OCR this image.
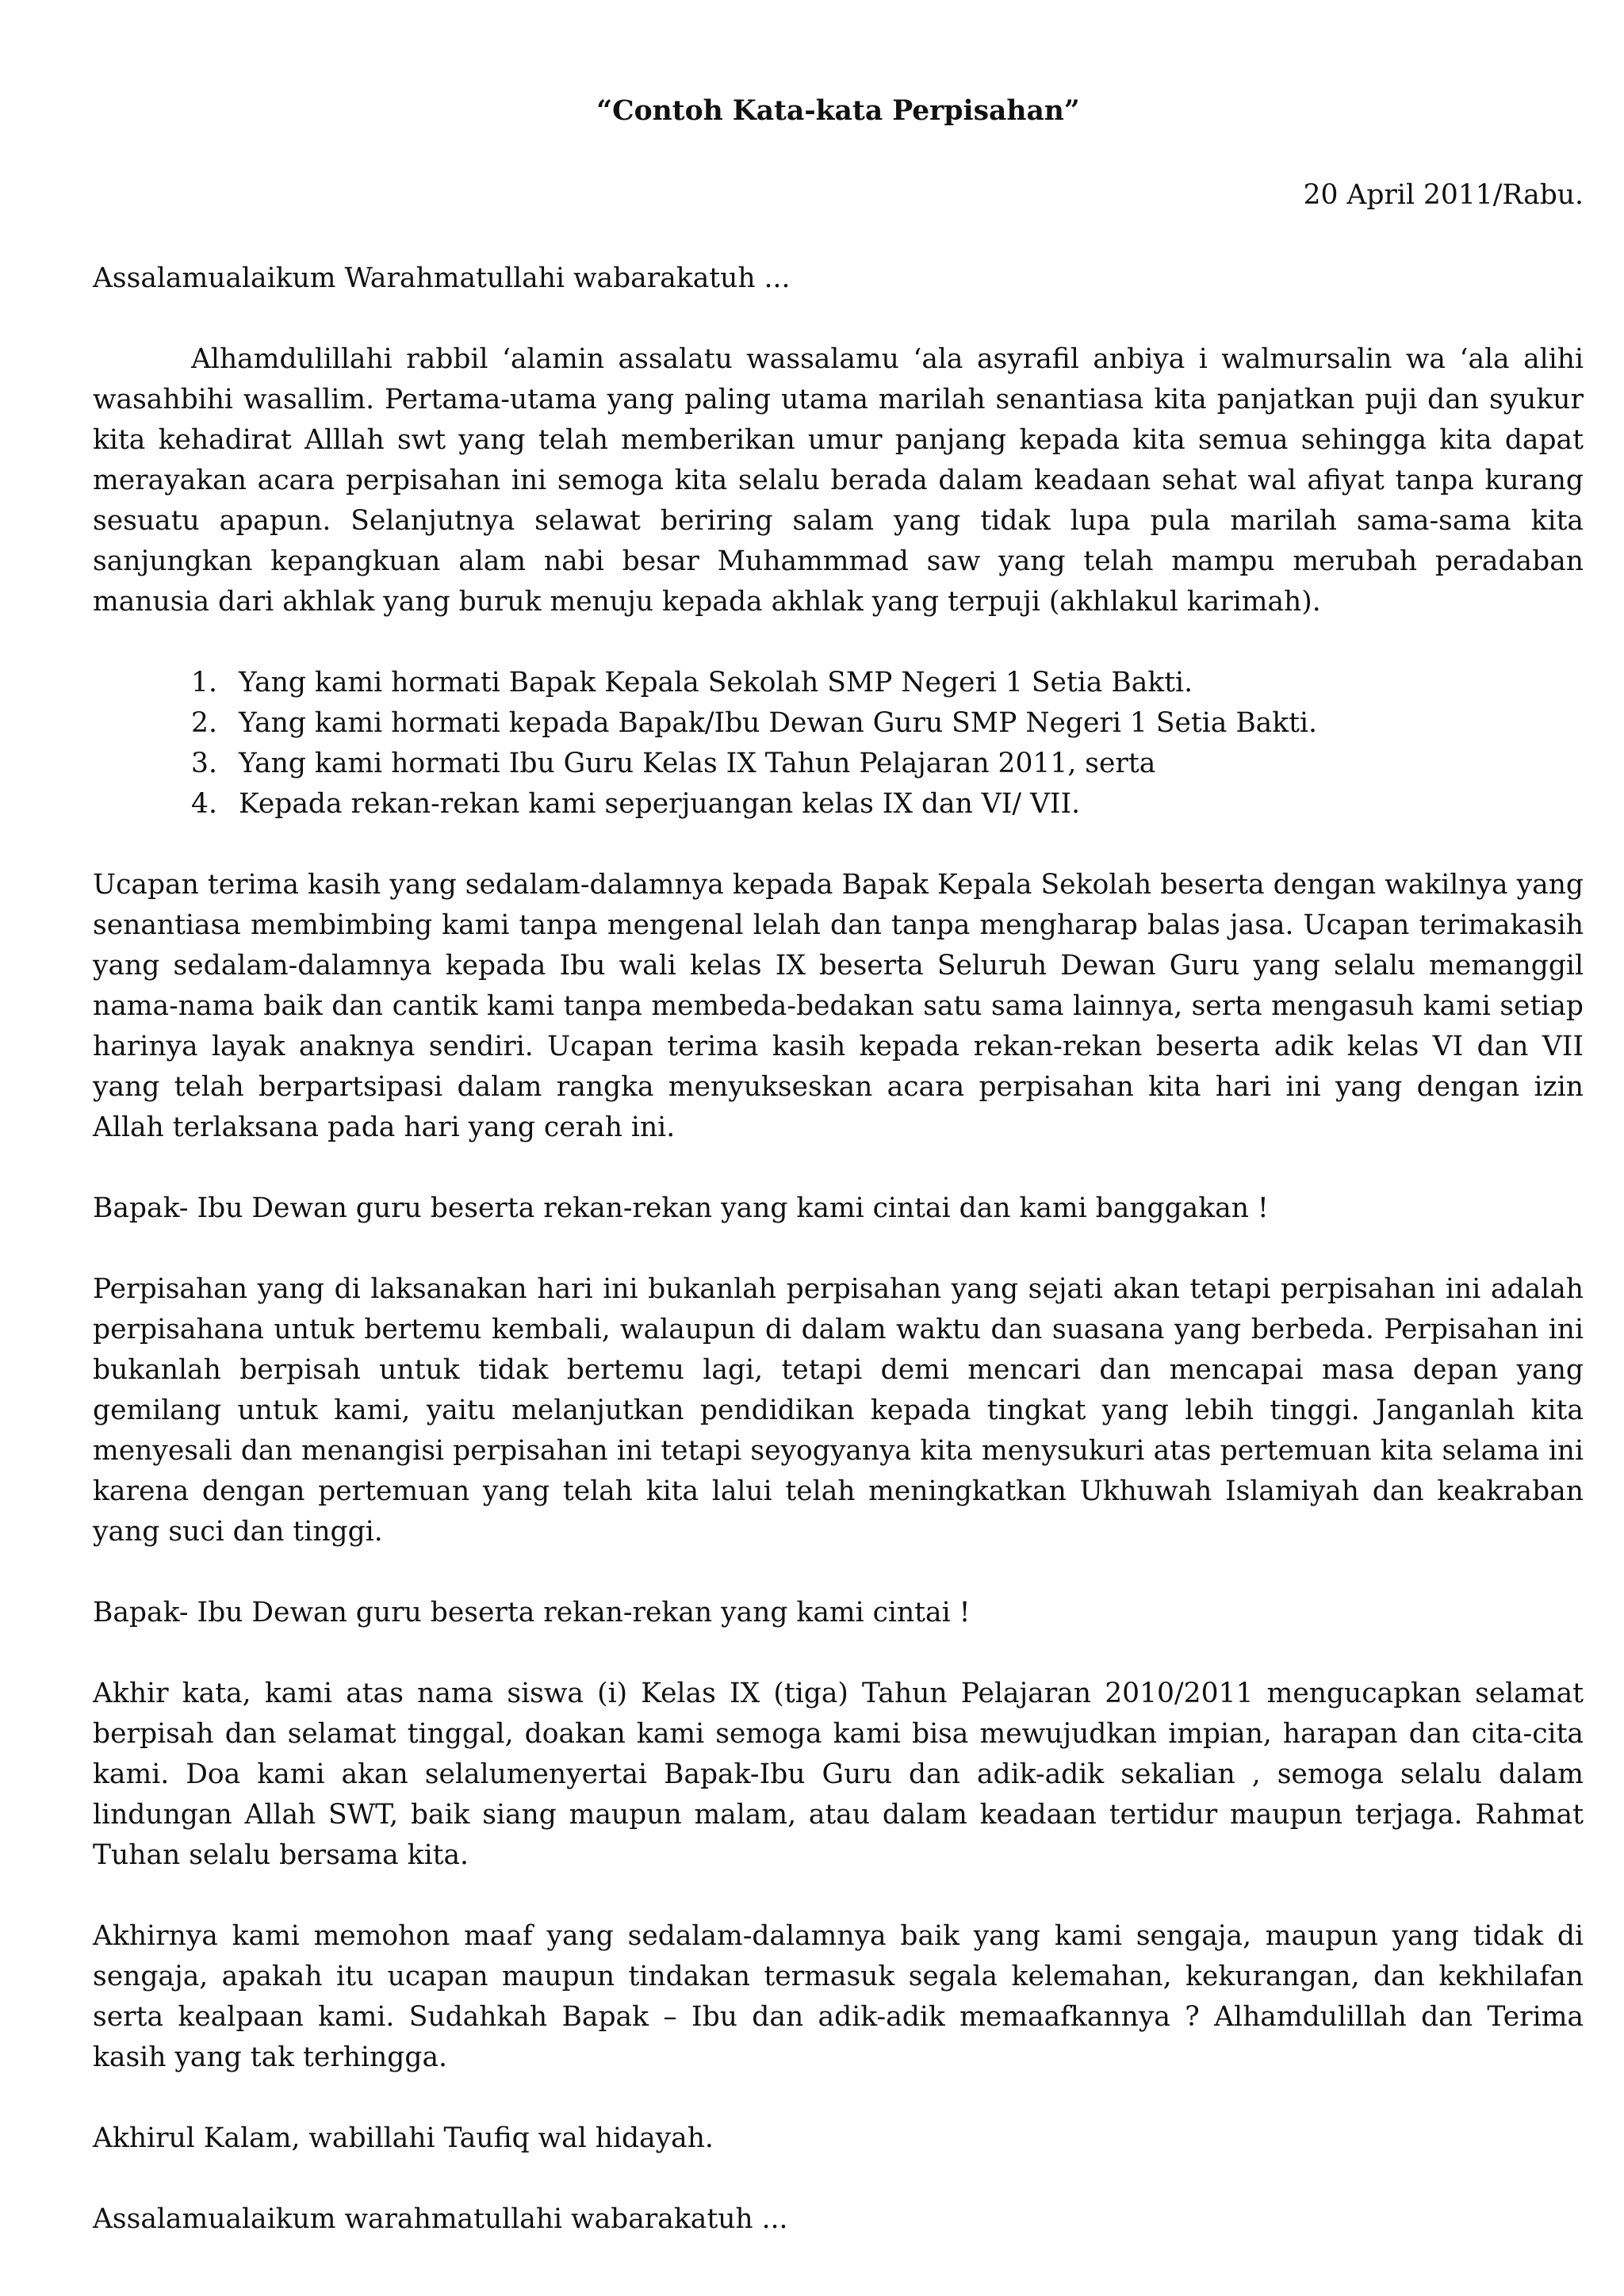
“Contoh Kata-kata Perpisahan”

20 April 2011/Rabu.

Assalamualaikum Warahmatullahi wabarakatuh ...

Alhamdulillahi rabbil ‘alamin assalatu wassalamu ‘ala asyrafil anbiya i walmursalin wa ‘ala alihi wasahbihi wasallim. Pertama-utama yang paling utama marilah senantiasa kita panjatkan puji dan syukur kita kehadirat Alllah swt yang telah memberikan umur panjang kepada kita semua sehingga kita dapat merayakan acara perpisahan ini semoga kita selalu berada dalam keadaan sehat wal afiyat tanpa kurang sesuatu apapun. Selanjutnya selawat beriring salam yang tidak lupa pula marilah sama-sama kita sanjungkan kepangkuan alam nabi besar Muhammmad saw yang telah mampu merubah peradaban manusia dari akhlak yang buruk menuju kepada akhlak yang terpuji (akhlakul karimah).

1. Yang kami hormati Bapak Kepala Sekolah SMP Negeri 1 Setia Bakti.
2. Yang kami hormati kepada Bapak/Ibu Dewan Guru SMP Negeri 1 Setia Bakti.
3. Yang kami hormati Ibu Guru Kelas IX Tahun Pelajaran 2011, serta
4. Kepada rekan-rekan kami seperjuangan kelas IX dan VI/ VII.

Ucapan terima kasih yang sedalam-dalamnya kepada Bapak Kepala Sekolah beserta dengan wakilnya yang senantiasa membimbing kami tanpa mengenal lelah dan tanpa mengharap balas jasa. Ucapan terimakasih yang sedalam-dalamnya kepada Ibu wali kelas IX beserta Seluruh Dewan Guru yang selalu memanggil nama-nama baik dan cantik kami tanpa membeda-bedakan satu sama lainnya, serta mengasuh kami setiap harinya layak anaknya sendiri. Ucapan terima kasih kepada rekan-rekan beserta adik kelas VI dan VII yang telah berpartsipasi dalam rangka menyukseskan acara perpisahan kita hari ini yang dengan izin Allah terlaksana pada hari yang cerah ini.

Bapak- Ibu Dewan guru beserta rekan-rekan yang kami cintai dan kami banggakan !

Perpisahan yang di laksanakan hari ini bukanlah perpisahan yang sejati akan tetapi perpisahan ini adalah perpisahana untuk bertemu kembali, walaupun di dalam waktu dan suasana yang berbeda. Perpisahan ini bukanlah berpisah untuk tidak bertemu lagi, tetapi demi mencari dan mencapai masa depan yang gemilang untuk kami, yaitu melanjutkan pendidikan kepada tingkat yang lebih tinggi. Janganlah kita menyesali dan menangisi perpisahan ini tetapi seyogyanya kita menysukuri atas pertemuan kita selama ini karena dengan pertemuan yang telah kita lalui telah meningkatkan Ukhuwah Islamiyah dan keakraban yang suci dan tinggi.

Bapak- Ibu Dewan guru beserta rekan-rekan yang kami cintai !

Akhir kata, kami atas nama siswa (i) Kelas IX (tiga) Tahun Pelajaran 2010/2011 mengucapkan selamat berpisah dan selamat tinggal, doakan kami semoga kami bisa mewujudkan impian, harapan dan cita-cita kami. Doa kami akan selalumenyertai Bapak-Ibu Guru dan adik-adik sekalian , semoga selalu dalam lindungan Allah SWT, baik siang maupun malam, atau dalam keadaan tertidur maupun terjaga. Rahmat Tuhan selalu bersama kita.

Akhirnya kami memohon maaf yang sedalam-dalamnya baik yang kami sengaja, maupun yang tidak di sengaja, apakah itu ucapan maupun tindakan termasuk segala kelemahan, kekurangan, dan kekhilafan serta kealpaan kami. Sudahkah Bapak – Ibu dan adik-adik memaafkannya ? Alhamdulillah dan Terima kasih yang tak terhingga.

Akhirul Kalam, wabillahi Taufiq wal hidayah.

Assalamualaikum warahmatullahi wabarakatuh ...
